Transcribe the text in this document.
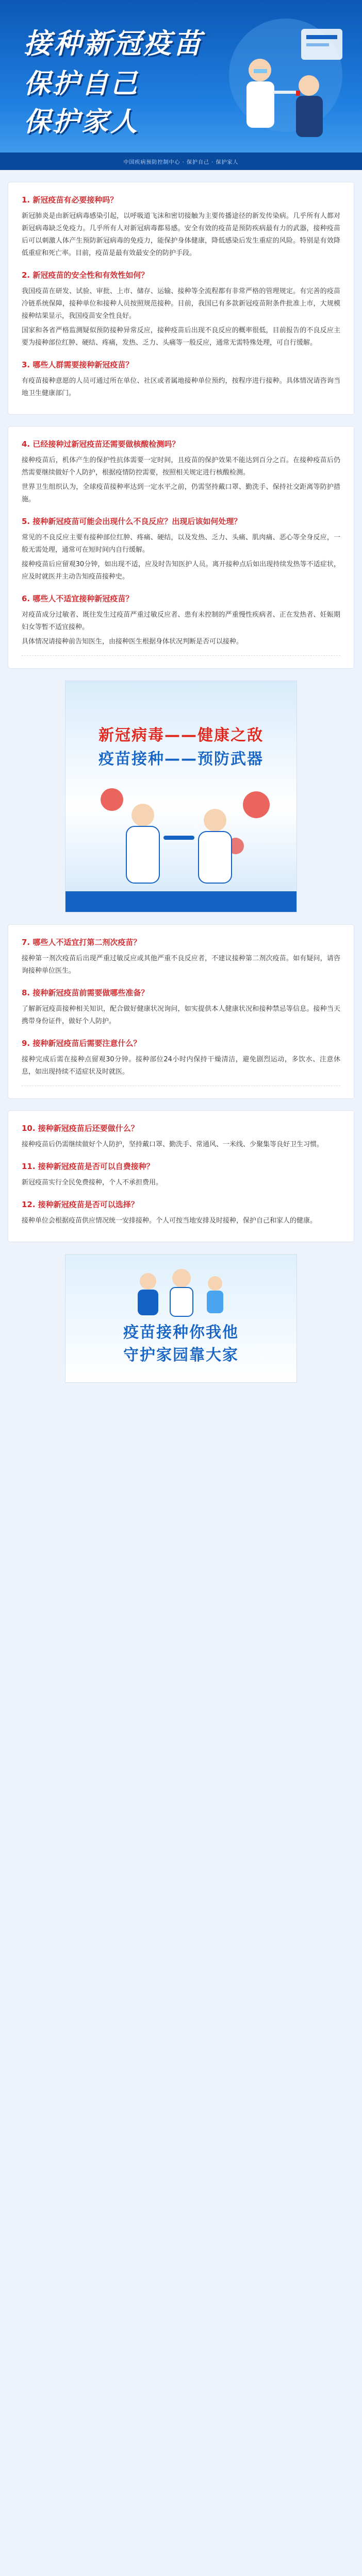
接种新冠疫苗
保护自己
保护家人
中国疾病预防控制中心 · 保护自己 · 保护家人
1. 新冠疫苗有必要接种吗？

新冠肺炎是由新冠病毒感染引起，以呼吸道飞沫和密切接触为主要传播途径的新发传染病。几乎所有人都对新冠病毒缺乏免疫力。几乎所有人对新冠病毒都易感。安全有效的疫苗是预防疾病最有力的武器，接种疫苗后可以刺激人体产生预防新冠病毒的免疫力，能保护身体健康，降低感染后发生重症的风险。特别是有效降低重症和死亡率。目前，疫苗是最有效最安全的防护手段。

2. 新冠疫苗的安全性和有效性如何？

我国疫苗在研发、试验、审批、上市、储存、运输、接种等全流程都有非常严格的管理规定。有完善的疫苗冷链系统保障，接种单位和接种人员按照规范接种。目前，我国已有多款新冠疫苗附条件批准上市，大规模接种结果显示，我国疫苗安全性良好。

国家和各省严格监测疑似预防接种异常反应，接种疫苗后出现不良反应的概率很低，目前报告的不良反应主要为接种部位红肿、硬结、疼痛，发热、乏力、头痛等一般反应，通常无需特殊处理，可自行缓解。

3. 哪些人群需要接种新冠疫苗？

有疫苗接种意愿的人员可通过所在单位、社区或者属地接种单位预约，按程序进行接种。具体情况请咨询当地卫生健康部门。

4. 已经接种过新冠疫苗还需要做核酸检测吗？

接种疫苗后，机体产生的保护性抗体需要一定时间，且疫苗的保护效果不能达到百分之百。在接种疫苗后仍然需要继续做好个人防护，根据疫情防控需要，按照相关规定进行核酸检测。

世界卫生组织认为，全球疫苗接种率达到一定水平之前，仍需坚持戴口罩、勤洗手、保持社交距离等防护措施。

5. 接种新冠疫苗可能会出现什么不良反应？出现后该如何处理？

常见的不良反应主要有接种部位红肿、疼痛、硬结，以及发热、乏力、头痛、肌肉痛、恶心等全身反应，一般无需处理，通常可在短时间内自行缓解。

接种疫苗后应留观30分钟，如出现不适，应及时告知医护人员。离开接种点后如出现持续发热等不适症状，应及时就医并主动告知疫苗接种史。

6. 哪些人不适宜接种新冠疫苗？

对疫苗成分过敏者、既往发生过疫苗严重过敏反应者、患有未控制的严重慢性疾病者、正在发热者、妊娠期妇女等暂不适宜接种。

具体情况请接种前告知医生，由接种医生根据身体状况判断是否可以接种。

新冠病毒——健康之敌
疫苗接种——预防武器
7. 哪些人不适宜打第二剂次疫苗？

接种第一剂次疫苗后出现严重过敏反应或其他严重不良反应者，不建议接种第二剂次疫苗。如有疑问，请咨询接种单位医生。

8. 接种新冠疫苗前需要做哪些准备？

了解新冠疫苗接种相关知识，配合做好健康状况询问，如实提供本人健康状况和接种禁忌等信息。接种当天携带身份证件，做好个人防护。

9. 接种新冠疫苗后需要注意什么？

接种完成后需在接种点留观30分钟。接种部位24小时内保持干燥清洁，避免剧烈运动，多饮水、注意休息，如出现持续不适症状及时就医。

10. 接种新冠疫苗后还要做什么？

接种疫苗后仍需继续做好个人防护，坚持戴口罩、勤洗手、常通风、一米线、少聚集等良好卫生习惯。

11. 接种新冠疫苗是否可以自费接种？

新冠疫苗实行全民免费接种，个人不承担费用。

12. 接种新冠疫苗是否可以选择？

接种单位会根据疫苗供应情况统一安排接种。个人可按当地安排及时接种，保护自己和家人的健康。

疫苗接种你我他
守护家园靠大家
